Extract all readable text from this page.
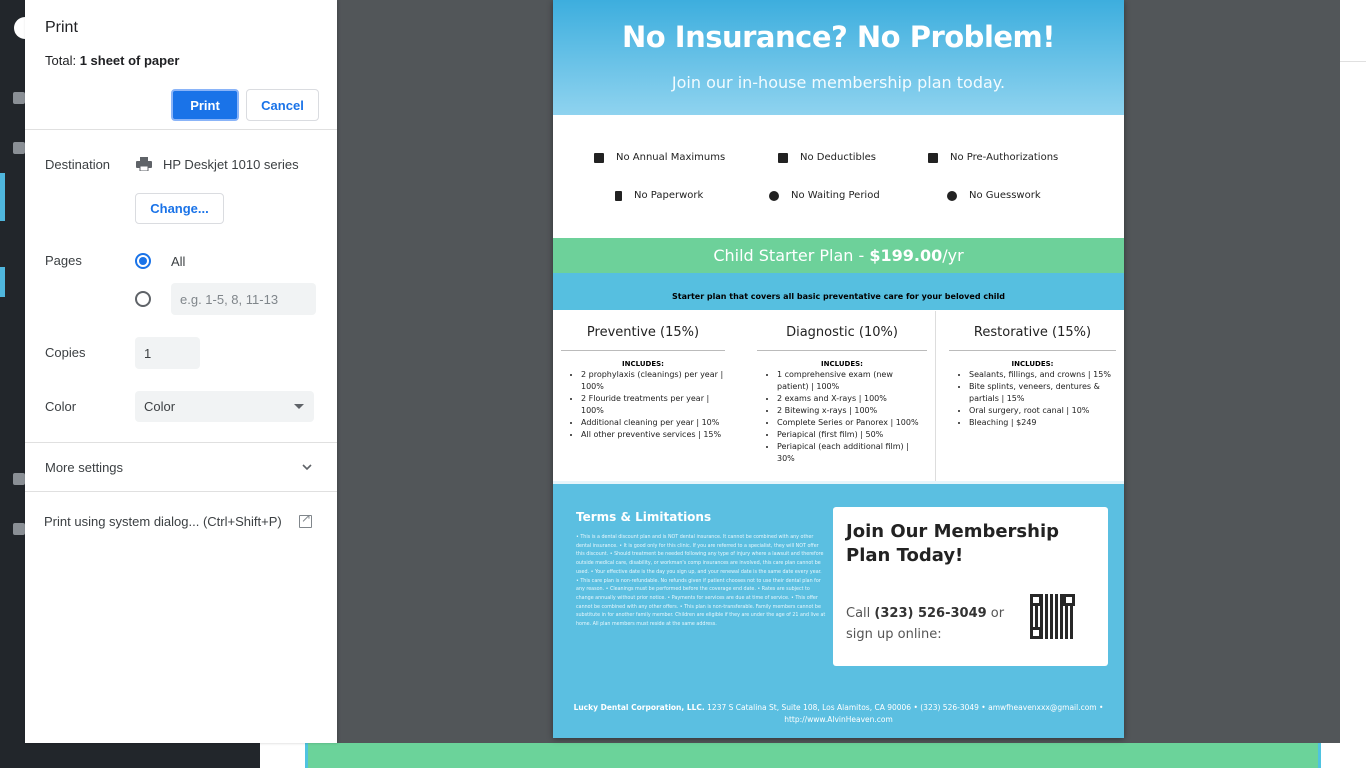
Print
Total: 1 sheet of paper
Print	Cancel
Destination	HP Deskjet 1010 series
Change...
Pages	All
e.g. 1-5, 8, 11-13
Copies	1
Color	Color
More settings
Print using system dialog... (Ctrl+Shift+P)
↗
No Insurance? No Problem!

Join our in-house membership plan today.

No Annual Maximums	No Deductibles	No Pre-Authorizations
No Paperwork	No Waiting Period	No Guesswork
Child Starter Plan - $199.00/yr
Starter plan that covers all basic preventative care for your beloved child
Preventive (15%)
INCLUDES:
• 2 prophylaxis (cleanings) per year | 100%
• 2 Flouride treatments per year | 100%
• Additional cleaning per year | 10%
• All other preventive services | 15%
Diagnostic (10%)
INCLUDES:
• 1 comprehensive exam (new patient) | 100%
• 2 exams and X-rays | 100%
• 2 Bitewing x-rays | 100%
• Complete Series or Panorex | 100%
• Periapical (first film) | 50%
• Periapical (each additional film) | 30%
Restorative (15%)
INCLUDES:
• Sealants, fillings, and crowns | 15%
• Bite splints, veneers, dentures & partials | 15%
• Oral surgery, root canal | 10%
• Bleaching | $249
Terms & Limitations
• This is a dental discount plan and is NOT dental insurance. It cannot be combined with any other dental insurance. • It is good only for this clinic. If you are referred to a specialist, they will NOT offer this discount. • Should treatment be needed following any type of injury where a lawsuit and therefore outside medical care, disability, or workman's comp insurances are involved, this care plan cannot be used. • Your effective date is the day you sign up, and your renewal date is the same date every year. • This care plan is non-refundable. No refunds given if patient chooses not to use their dental plan for any reason. • Cleanings must be performed before the coverage end date. • Rates are subject to change annually without prior notice. • Payments for services are due at time of service. • This offer cannot be combined with any other offers. • This plan is non-transferable. Family members cannot be substitute in for another family member. Children are eligible if they are under the age of 21 and live at home. All plan members must reside at the same address.
Join Our Membership Plan Today!
Call (323) 526-3049 or sign up online:
Lucky Dental Corporation, LLC. 1237 S Catalina St, Suite 108, Los Alamitos, CA 90006 • (323) 526-3049 • amwfheavenxxx@gmail.com • http://www.AlvinHeaven.com
